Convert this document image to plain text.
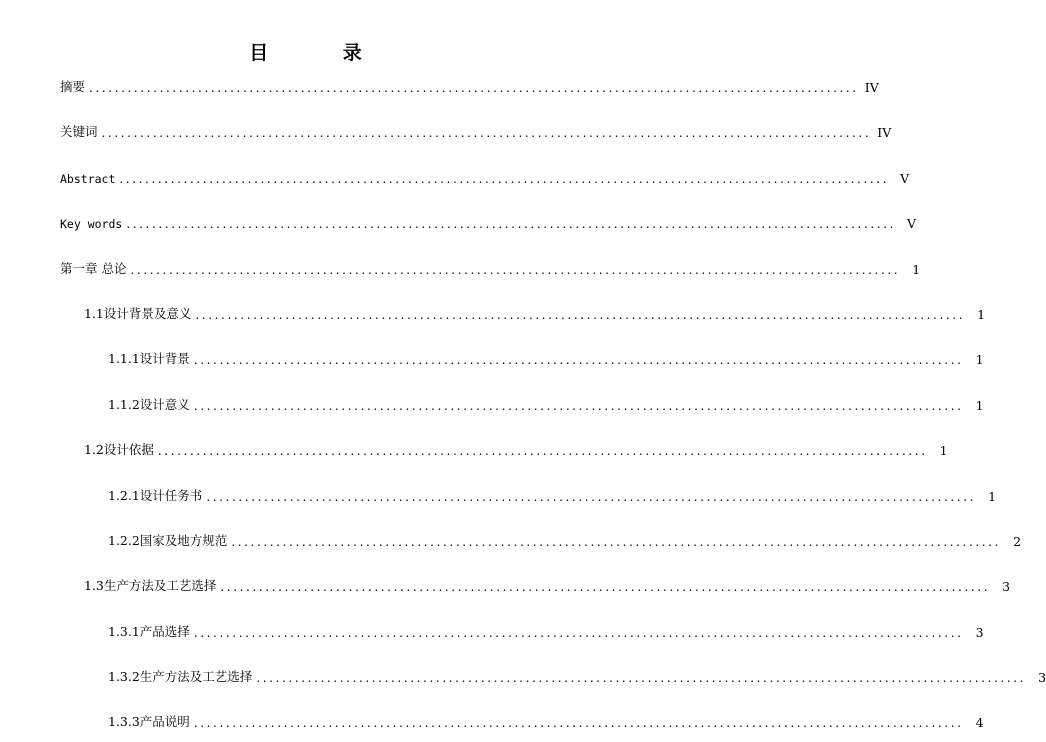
目 录
摘要 ........................................................................................................................ IV
关键词 ........................................................................................................................ IV
Abstract ........................................................................................................................ V
Key words ........................................................................................................................ V
第一章 总论 ........................................................................................................................ 1
1.1设计背景及意义 ........................................................................................................................ 1
1.1.1设计背景 ........................................................................................................................ 1
1.1.2设计意义 ........................................................................................................................ 1
1.2设计依据 ........................................................................................................................ 1
1.2.1设计任务书 ........................................................................................................................ 1
1.2.2国家及地方规范 ........................................................................................................................ 2
1.3生产方法及工艺选择 ........................................................................................................................ 3
1.3.1产品选择 ........................................................................................................................ 3
1.3.2生产方法及工艺选择 ........................................................................................................................ 3
1.3.3产品说明 ........................................................................................................................ 4
